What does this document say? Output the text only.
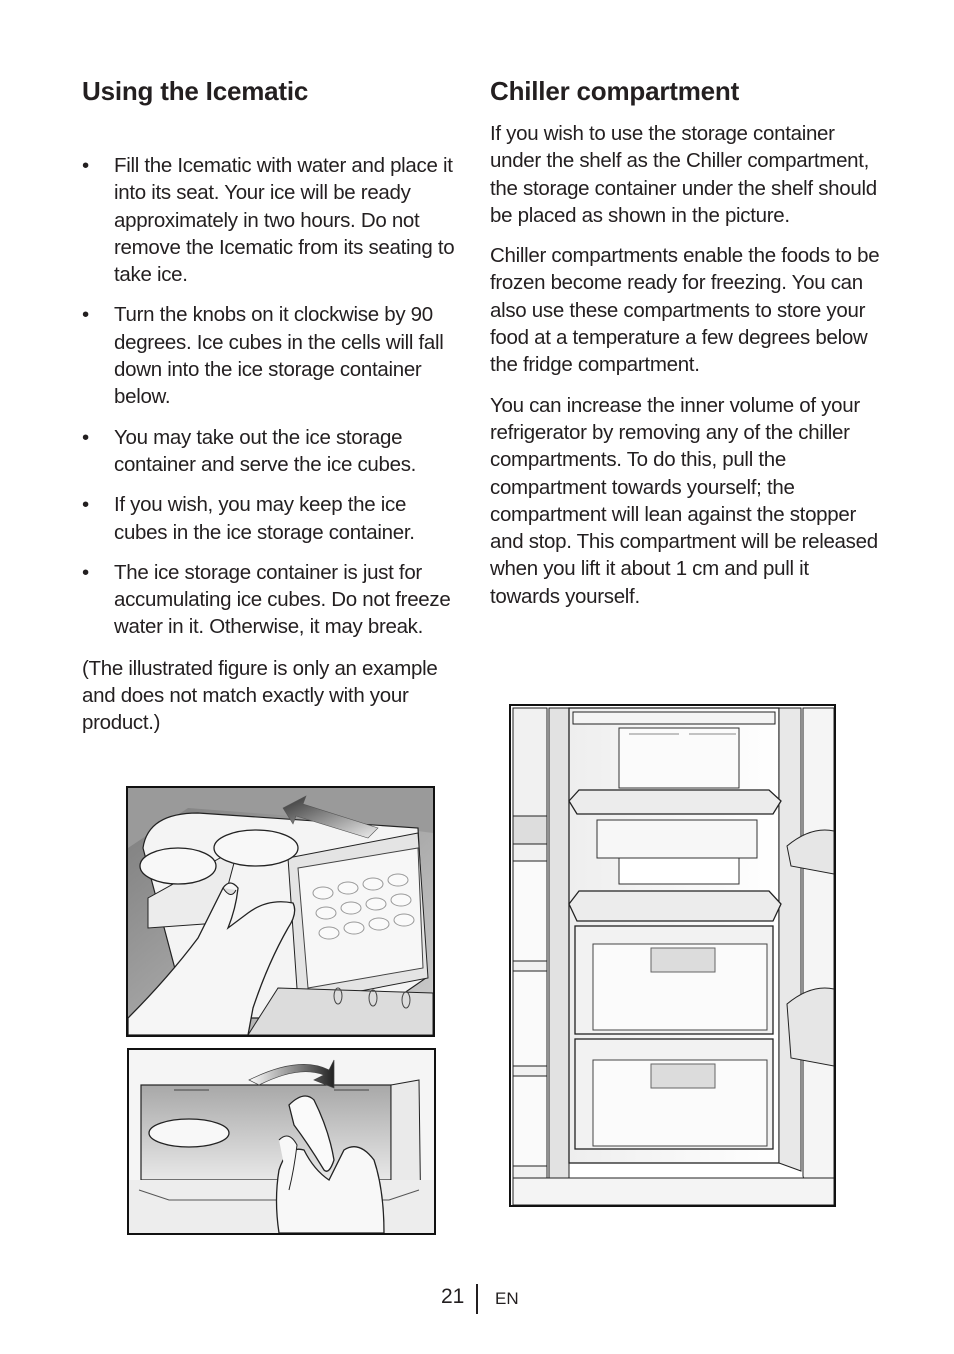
Using the Icematic
• Fill the Icematic with water and place it into its seat. Your ice will be ready approximately in two hours. Do not remove the Icematic from its seating to take ice.
• Turn the knobs on it clockwise by 90 degrees. Ice cubes in the cells will fall down into the ice storage container below.
• You may take out the ice storage container and serve the ice cubes.
• If you wish, you may keep the ice cubes in the ice storage container.
• The ice storage container is just for accumulating ice cubes. Do not freeze water in it. Otherwise, it may break.

(The illustrated figure is only an example and does not match exactly with your product.)

Chiller compartment

If you wish to use the storage container under the shelf as the Chiller compartment, the storage container under the shelf should be placed as shown in the picture.

Chiller compartments enable the foods to be frozen become ready for freezing. You can also use these compartments to store your food at a temperature a few degrees below the fridge compartment.

You can increase the inner volume of your refrigerator by removing any of the chiller compartments. To do this, pull the compartment towards yourself; the compartment will lean against the stopper and stop. This compartment will be released when you lift it about 1 cm and pull it towards yourself.

21 EN
